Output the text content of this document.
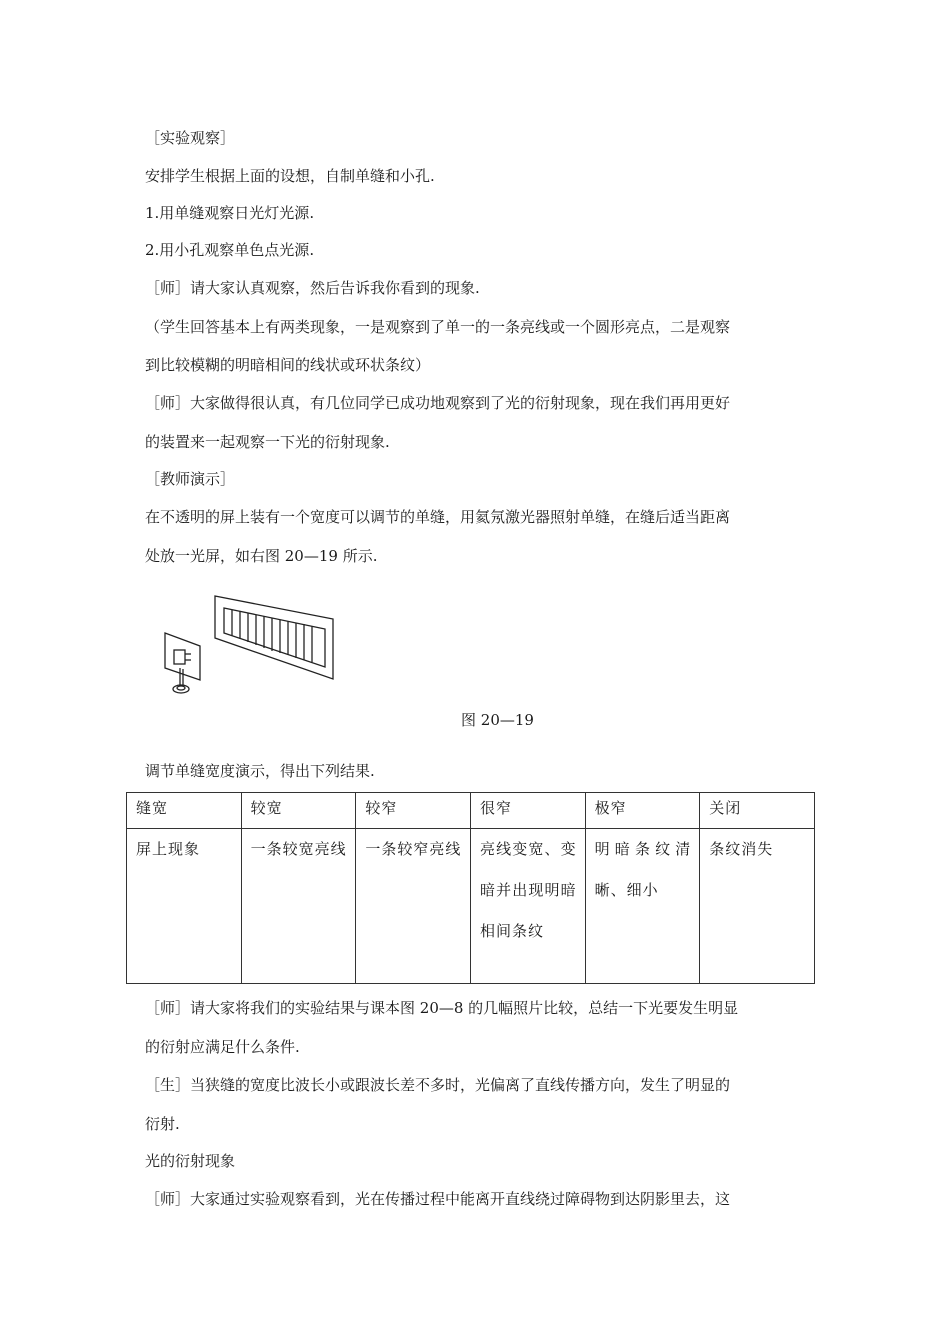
［实验观察］
安排学生根据上面的设想，自制单缝和小孔.
1.用单缝观察日光灯光源.
2.用小孔观察单色点光源.
［师］请大家认真观察，然后告诉我你看到的现象.
（学生回答基本上有两类现象，一是观察到了单一的一条亮线或一个圆形亮点，二是观察
到比较模糊的明暗相间的线状或环状条纹）
［师］大家做得很认真，有几位同学已成功地观察到了光的衍射现象，现在我们再用更好
的装置来一起观察一下光的衍射现象.
［教师演示］
在不透明的屏上装有一个宽度可以调节的单缝，用氦氖激光器照射单缝，在缝后适当距离
处放一光屏，如右图 20—19 所示.
图 20—19
调节单缝宽度演示，得出下列结果.
缝宽	较宽	较窄	很窄	极窄	关闭
屏上现象	一条较宽亮线	一条较窄亮线	亮线变宽、变暗并出现明暗相间条纹	明暗条纹清晰、细小	条纹消失
［师］请大家将我们的实验结果与课本图 20—8 的几幅照片比较，总结一下光要发生明显
的衍射应满足什么条件.
［生］当狭缝的宽度比波长小或跟波长差不多时，光偏离了直线传播方向，发生了明显的
衍射.
光的衍射现象
［师］大家通过实验观察看到，光在传播过程中能离开直线绕过障碍物到达阴影里去，这
